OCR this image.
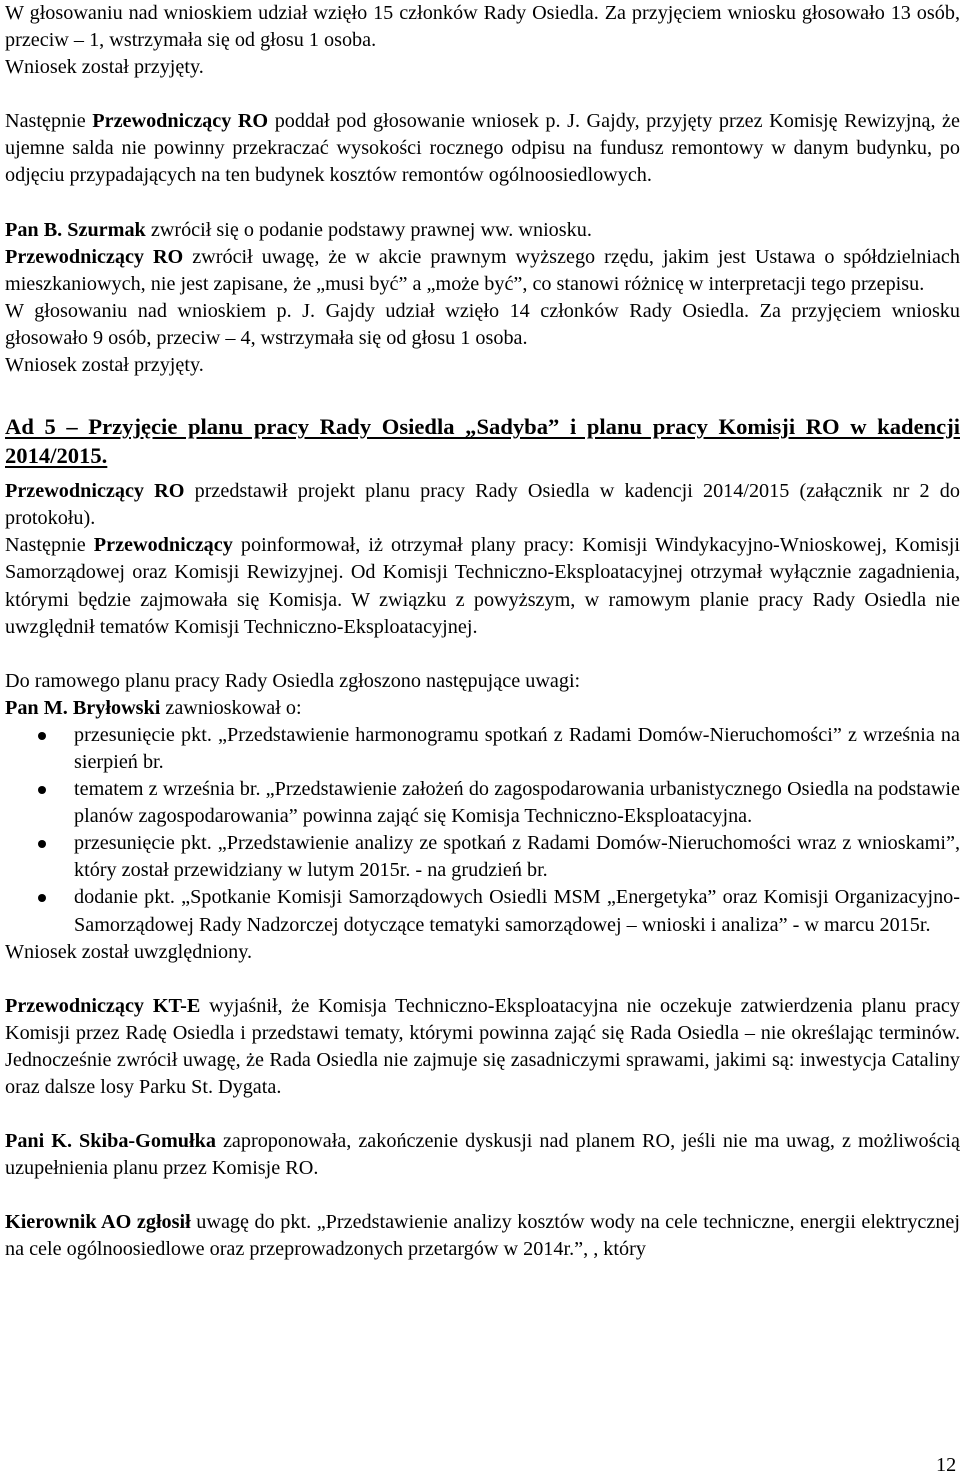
W głosowaniu nad wnioskiem udział wzięło 15 członków Rady Osiedla. Za przyjęciem wniosku głosowało 13 osób, przeciw – 1, wstrzymała się od głosu 1 osoba.

Wniosek został przyjęty.

Następnie Przewodniczący RO poddał pod głosowanie wniosek p. J. Gajdy, przyjęty przez Komisję Rewizyjną, że ujemne salda nie powinny przekraczać wysokości rocznego odpisu na fundusz remontowy w danym budynku, po odjęciu przypadających na ten budynek kosztów remontów ogólnoosiedlowych.

Pan B. Szurmak zwrócił się o podanie podstawy prawnej ww. wniosku.

Przewodniczący RO zwrócił uwagę, że w akcie prawnym wyższego rzędu, jakim jest Ustawa o spółdzielniach mieszkaniowych, nie jest zapisane, że „musi być” a „może być”, co stanowi różnicę w interpretacji tego przepisu.

W głosowaniu nad wnioskiem p. J. Gajdy udział wzięło 14 członków Rady Osiedla. Za przyjęciem wniosku głosowało 9 osób, przeciw – 4, wstrzymała się od głosu 1 osoba.

Wniosek został przyjęty.

Ad 5 – Przyjęcie planu pracy Rady Osiedla „Sadyba” i planu pracy Komisji RO w kadencji 2014/2015.

Przewodniczący RO przedstawił projekt planu pracy Rady Osiedla w kadencji 2014/2015 (załącznik nr 2 do protokołu).

Następnie Przewodniczący poinformował, iż otrzymał plany pracy: Komisji Windykacyjno-Wnioskowej, Komisji Samorządowej oraz Komisji Rewizyjnej. Od Komisji Techniczno-Eksploatacyjnej otrzymał wyłącznie zagadnienia, którymi będzie zajmowała się Komisja. W związku z powyższym, w ramowym planie pracy Rady Osiedla nie uwzględnił tematów Komisji Techniczno-Eksploatacyjnej.

Do ramowego planu pracy Rady Osiedla zgłoszono następujące uwagi:

Pan M. Bryłowski zawnioskował o:

przesunięcie pkt. „Przedstawienie harmonogramu spotkań z Radami Domów-Nieruchomości” z września na sierpień br.
tematem z września br. „Przedstawienie założeń do zagospodarowania urbanistycznego Osiedla na podstawie planów zagospodarowania” powinna zająć się Komisja Techniczno-Eksploatacyjna.
przesunięcie pkt. „Przedstawienie analizy ze spotkań z Radami Domów-Nieruchomości wraz z wnioskami”, który został przewidziany w lutym 2015r. - na grudzień br.
dodanie pkt. „Spotkanie Komisji Samorządowych Osiedli MSM „Energetyka” oraz Komisji Organizacyjno-Samorządowej Rady Nadzorczej dotyczące tematyki samorządowej – wnioski i analiza” - w marcu 2015r.

Wniosek został uwzględniony.

Przewodniczący KT-E wyjaśnił, że Komisja Techniczno-Eksploatacyjna nie oczekuje zatwierdzenia planu pracy Komisji przez Radę Osiedla i przedstawi tematy, którymi powinna zająć się Rada Osiedla – nie określając terminów. Jednocześnie zwrócił uwagę, że Rada Osiedla nie zajmuje się zasadniczymi sprawami, jakimi są: inwestycja Cataliny oraz dalsze losy Parku St. Dygata.

Pani K. Skiba-Gomułka zaproponowała, zakończenie dyskusji nad planem RO, jeśli nie ma uwag, z możliwością uzupełnienia planu przez Komisje RO.

Kierownik AO zgłosił uwagę do pkt. „Przedstawienie analizy kosztów wody na cele techniczne, energii elektrycznej na cele ogólnoosiedlowe oraz przeprowadzonych przetargów w 2014r.”, , który

12
